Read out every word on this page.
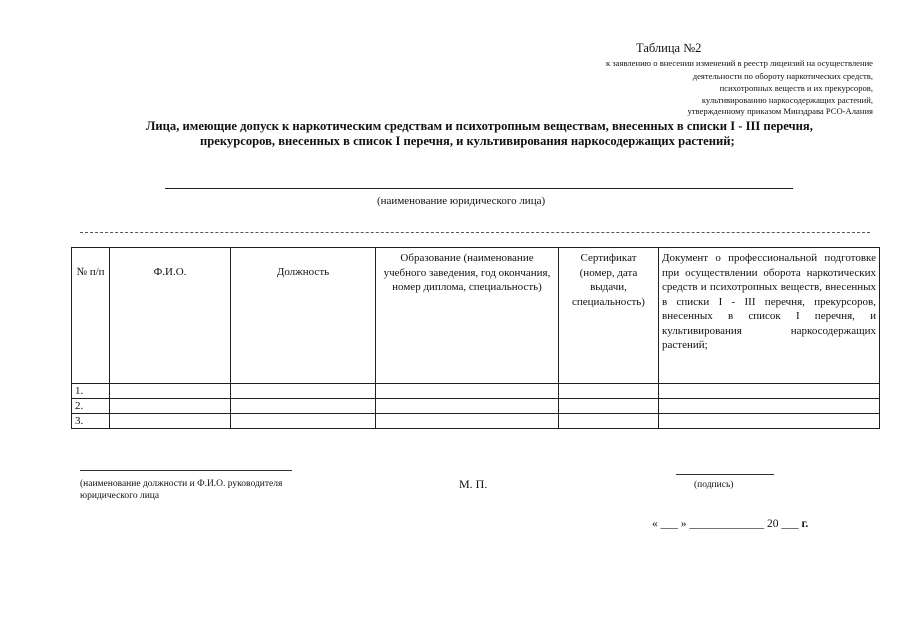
Таблица №2
к заявлению о внесении изменений в реестр лицензий на осуществление
деятельности по обороту наркотических средств,
психотропных веществ и их прекурсоров,
культивированию наркосодержащих растений,
утвержденному приказом Минздрава РСО-Алания
Лица, имеющие допуск к наркотическим средствам и психотропным веществам, внесенных в списки I - III перечня,
прекурсоров, внесенных в список I перечня, и культивирования наркосодержащих растений;
(наименование юридического лица)
№ п/п	Ф.И.О.	Должность	Образование (наименование учебного заведения, год окончания, номер диплома, специальность)	Сертификат (номер, дата выдачи, специальность)	Документ о профессиональной подготовке при осуществлении оборота наркотических средств и психотропных веществ, внесенных в списки I - III перечня, прекурсоров, внесенных в список I перечня, и культивирования наркосодержащих растений;
1.					
2.					
3.					
(наименование должности и Ф.И.О. руководителя
юридического лица
М. П.	(подпись)
« ___ » _____________ 20 ___ г.
